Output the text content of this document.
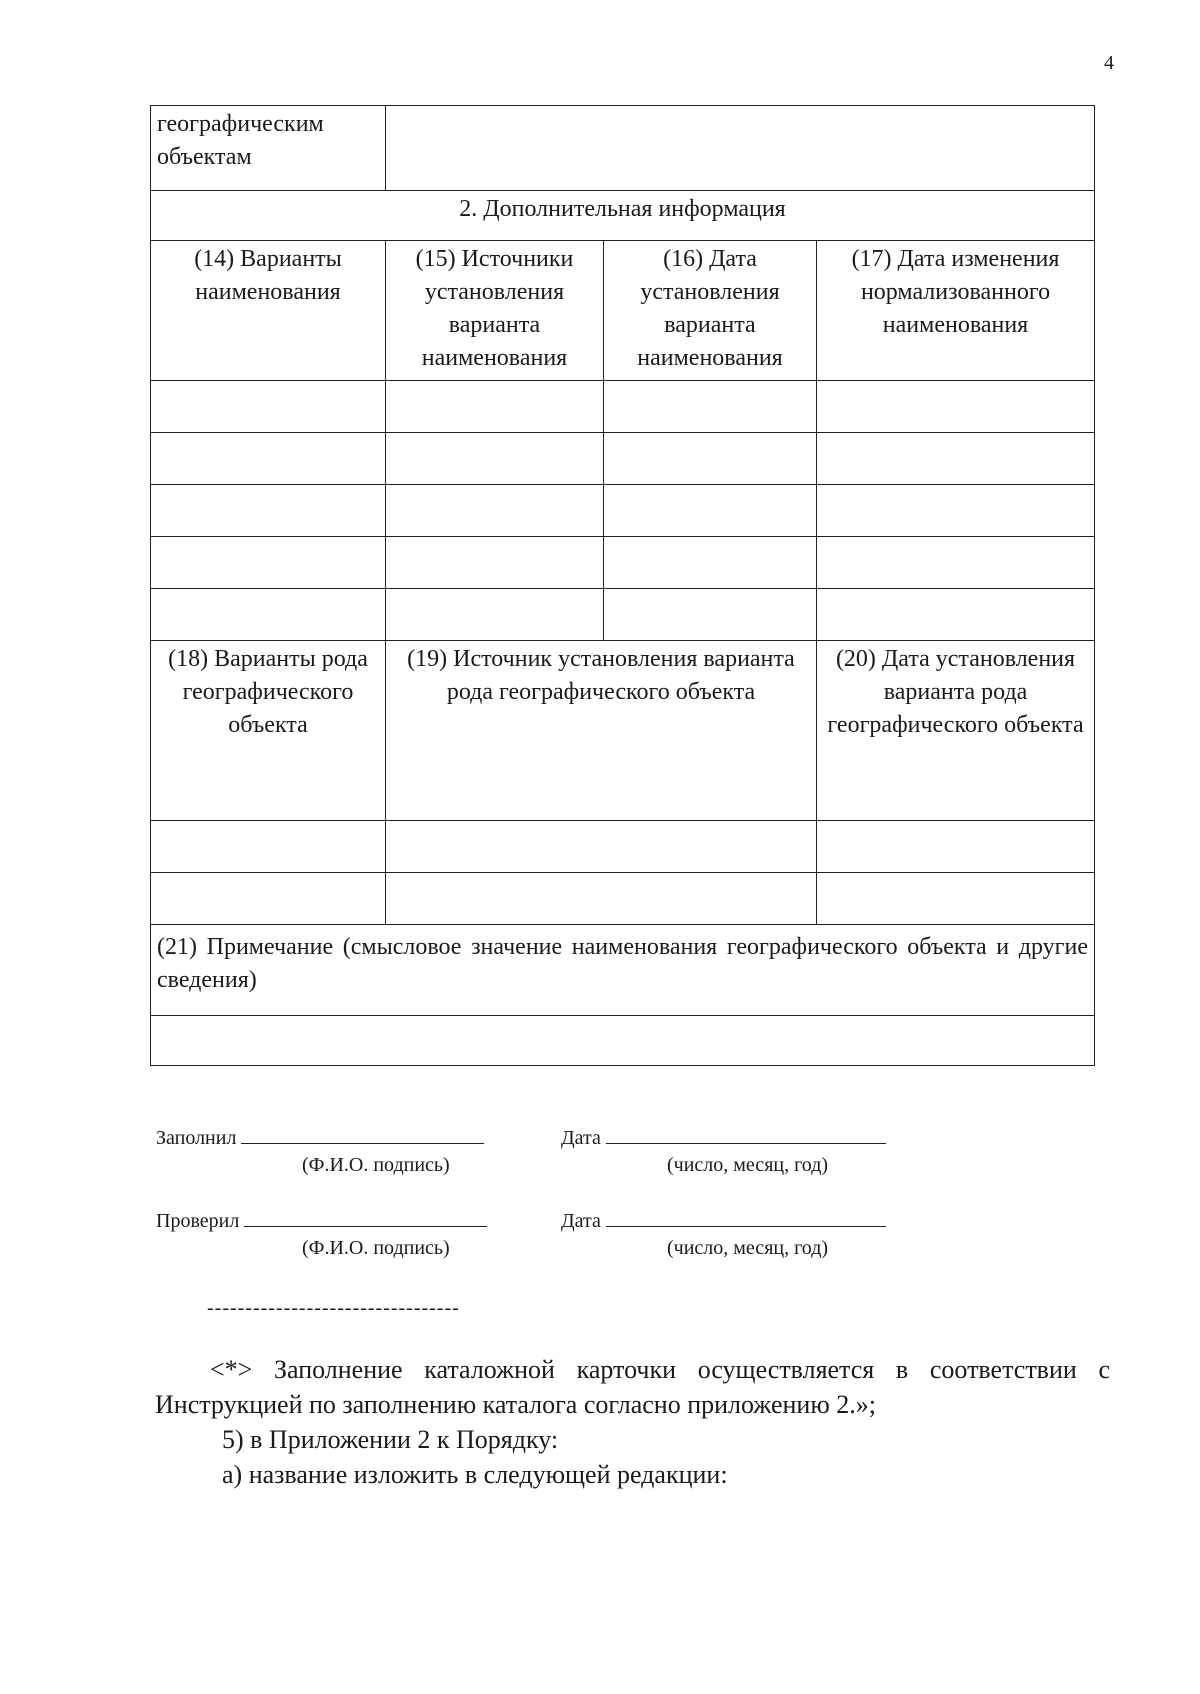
4
географическим объектам			
2. Дополнительная информация			
(14) Варианты наименования	(15) Источники установления варианта наименования	(16) Дата установления варианта наименования	(17) Дата изменения нормализованного наименования

(18) Варианты рода географического объекта	(19) Источник установления варианта рода географического объекта		(20) Дата установления варианта рода географического объекта

(21) Примечание (смысловое значение наименования географического объекта и другие сведения)			

Заполнил
(Ф.И.О. подпись)
Дата
(число, месяц, год)
Проверил
(Ф.И.О. подпись)
Дата
(число, месяц, год)
---------------------------------
<*> Заполнение каталожной карточки осуществляется в соответствии с Инструкцией по заполнению каталога согласно приложению 2.»;
5) в Приложении 2 к Порядку:
а) название изложить в следующей редакции:
